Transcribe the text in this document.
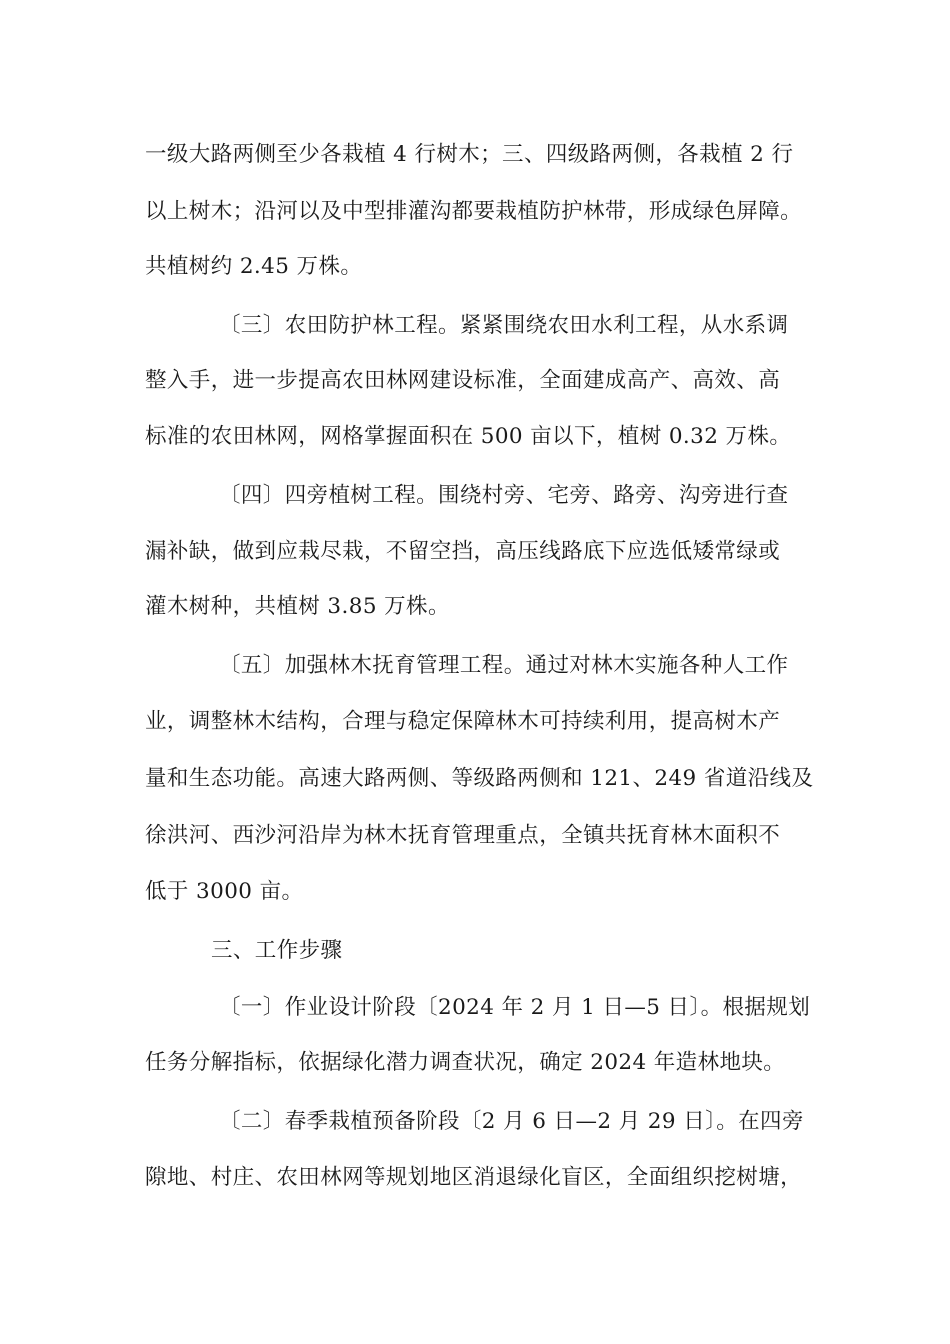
一级大路两侧至少各栽植 4 行树木；三、四级路两侧，各栽植 2 行
以上树木；沿河以及中型排灌沟都要栽植防护林带，形成绿色屏障。
共植树约 2.45 万株。
〔三〕农田防护林工程。紧紧围绕农田水利工程，从水系调
整入手，进一步提高农田林网建设标准，全面建成高产、高效、高
标准的农田林网，网格掌握面积在 500 亩以下，植树 0.32 万株。
〔四〕四旁植树工程。围绕村旁、宅旁、路旁、沟旁进行查
漏补缺，做到应栽尽栽，不留空挡，高压线路底下应选低矮常绿或
灌木树种，共植树 3.85 万株。
〔五〕加强林木抚育管理工程。通过对林木实施各种人工作
业，调整林木结构，合理与稳定保障林木可持续利用，提高树木产
量和生态功能。高速大路两侧、等级路两侧和 121、249 省道沿线及
徐洪河、西沙河沿岸为林木抚育管理重点，全镇共抚育林木面积不
低于 3000 亩。
三、工作步骤
〔一〕作业设计阶段〔2024 年 2 月 1 日—5 日〕。根据规划
任务分解指标，依据绿化潜力调查状况，确定 2024 年造林地块。
〔二〕春季栽植预备阶段〔2 月 6 日—2 月 29 日〕。在四旁
隙地、村庄、农田林网等规划地区消退绿化盲区，全面组织挖树塘，
